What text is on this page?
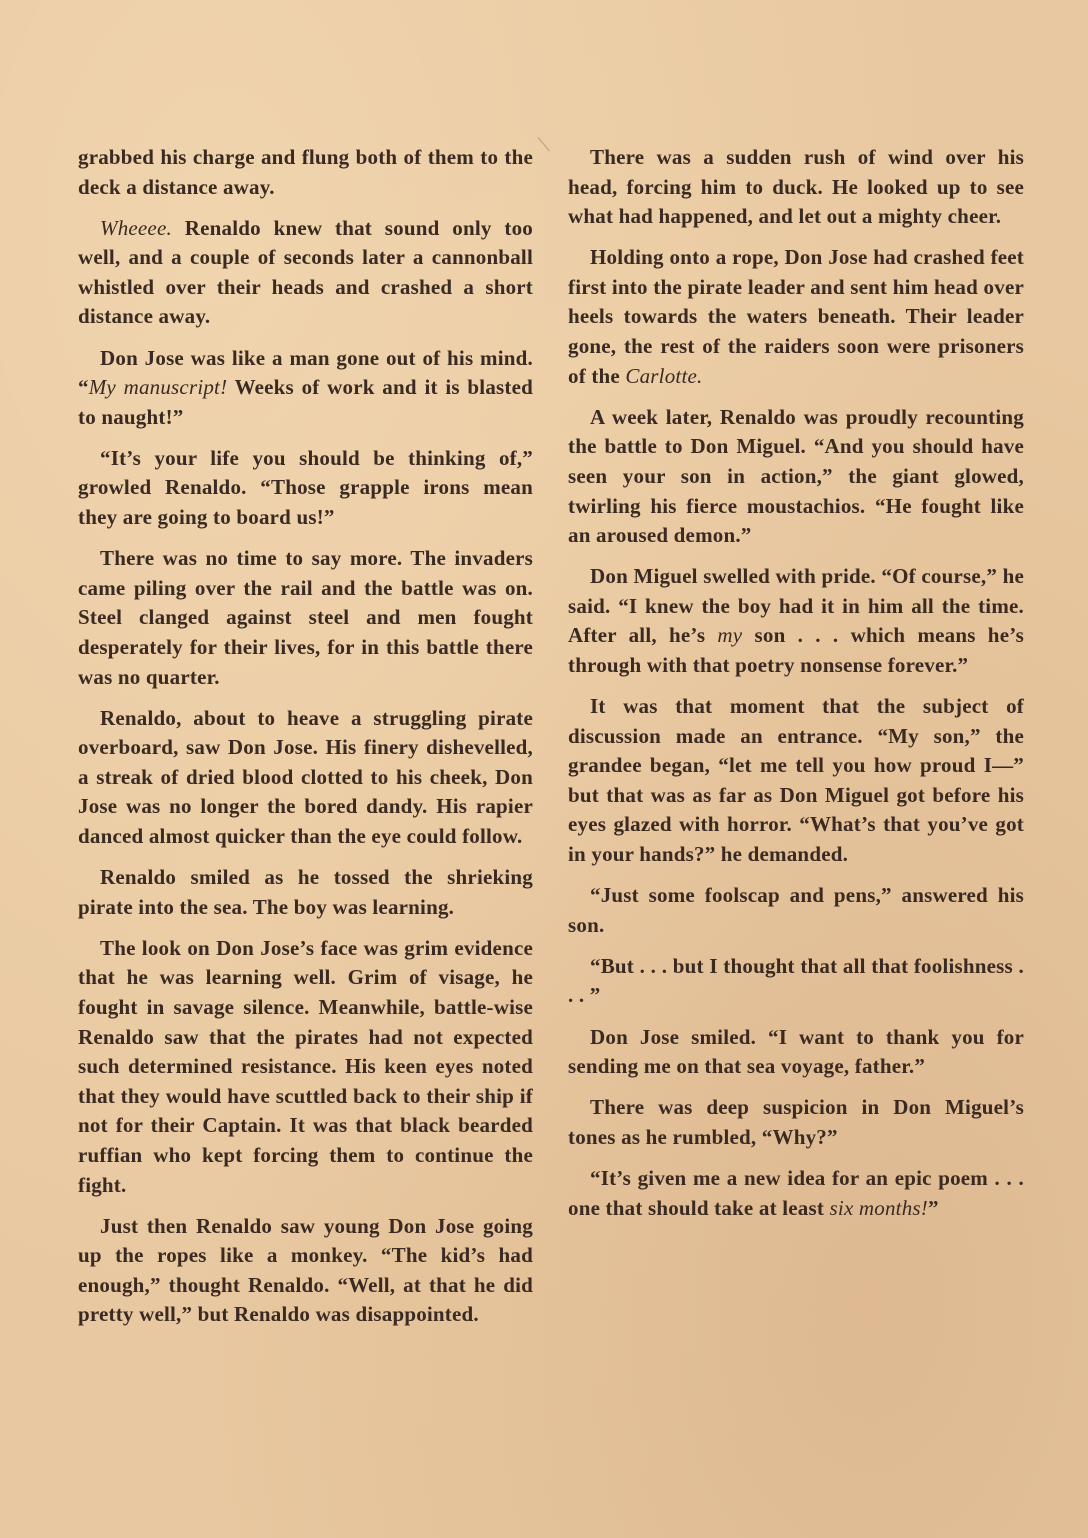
grabbed his charge and flung both of them to the deck a distance away.

Wheeee. Renaldo knew that sound only too well, and a couple of seconds later a cannonball whistled over their heads and crashed a short distance away.

Don Jose was like a man gone out of his mind. “My manuscript! Weeks of work and it is blasted to naught!”

“It’s your life you should be thinking of,” growled Renaldo. “Those grapple irons mean they are going to board us!”

There was no time to say more. The invaders came piling over the rail and the battle was on. Steel clanged against steel and men fought desperately for their lives, for in this battle there was no quarter.

Renaldo, about to heave a struggling pirate overboard, saw Don Jose. His finery dishevelled, a streak of dried blood clotted to his cheek, Don Jose was no longer the bored dandy. His rapier danced almost quicker than the eye could follow.

Renaldo smiled as he tossed the shrieking pirate into the sea. The boy was learning.

The look on Don Jose’s face was grim evidence that he was learning well. Grim of visage, he fought in savage silence. Meanwhile, battle-wise Renaldo saw that the pirates had not expected such determined resistance. His keen eyes noted that they would have scuttled back to their ship if not for their Captain. It was that black bearded ruffian who kept forcing them to continue the fight.

Just then Renaldo saw young Don Jose going up the ropes like a monkey. “The kid’s had enough,” thought Renaldo. “Well, at that he did pretty well,” but Renaldo was disappointed.

There was a sudden rush of wind over his head, forcing him to duck. He looked up to see what had happened, and let out a mighty cheer.

Holding onto a rope, Don Jose had crashed feet first into the pirate leader and sent him head over heels towards the waters beneath. Their leader gone, the rest of the raiders soon were prisoners of the Carlotte.

A week later, Renaldo was proudly recounting the battle to Don Miguel. “And you should have seen your son in action,” the giant glowed, twirling his fierce moustachios. “He fought like an aroused demon.”

Don Miguel swelled with pride. “Of course,” he said. “I knew the boy had it in him all the time. After all, he’s my son . . . which means he’s through with that poetry nonsense forever.”

It was that moment that the subject of discussion made an entrance. “My son,” the grandee began, “let me tell you how proud I—” but that was as far as Don Miguel got before his eyes glazed with horror. “What’s that you’ve got in your hands?” he demanded.

“Just some foolscap and pens,” answered his son.

“But . . . but I thought that all that foolishness . . . ”

Don Jose smiled. “I want to thank you for sending me on that sea voyage, father.”

There was deep suspicion in Don Miguel’s tones as he rumbled, “Why?”

“It’s given me a new idea for an epic poem . . . one that should take at least six months!”
